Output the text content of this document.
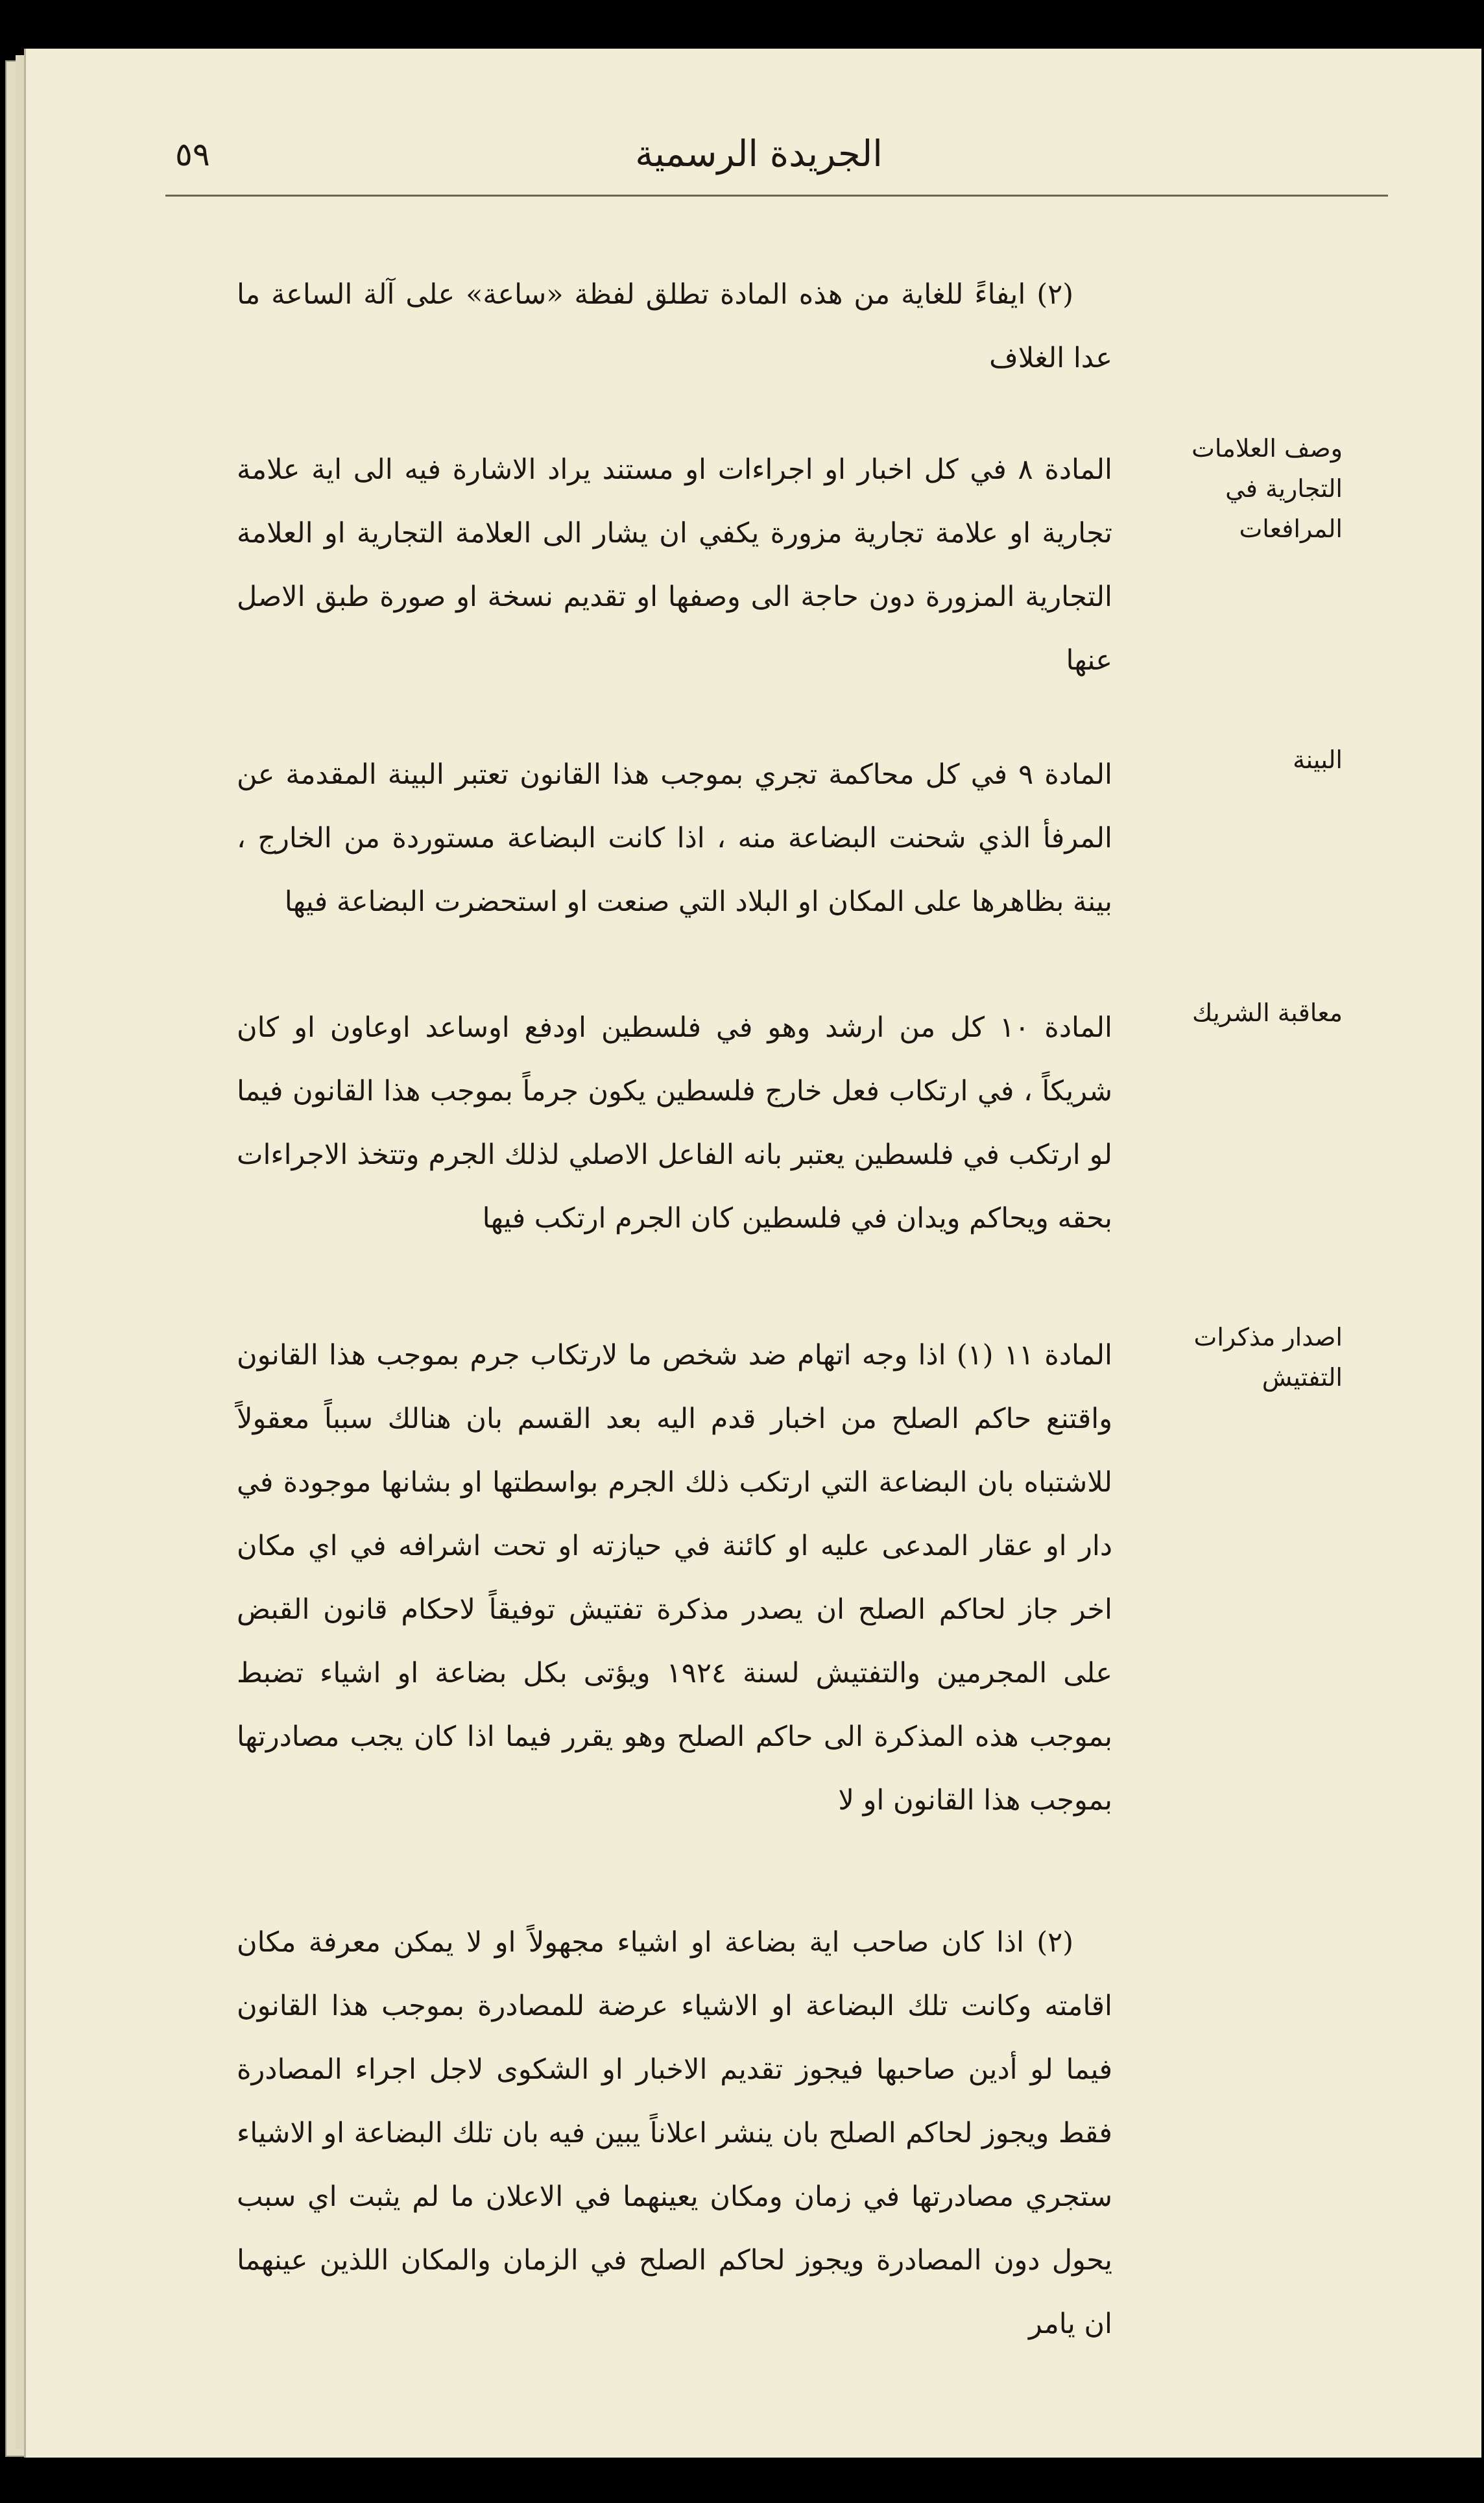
الجريدة الرسمية
٥٩
(٢) ايفاءً للغاية من هذه المادة تطلق لفظة «ساعة» على آلة الساعة ما عدا الغلاف
وصف العلامات التجارية في المرافعات
المادة ٨ في كل اخبار او اجراءات او مستند يراد الاشارة فيه الى اية علامة تجارية او علامة تجارية مزورة يكفي ان يشار الى العلامة التجارية او العلامة التجارية المزورة دون حاجة الى وصفها او تقديم نسخة او صورة طبق الاصل عنها
البينة
المادة ٩ في كل محاكمة تجري بموجب هذا القانون تعتبر البينة المقدمة عن المرفأ الذي شحنت البضاعة منه ، اذا كانت البضاعة مستوردة من الخارج ، بينة بظاهرها على المكان او البلاد التي صنعت او استحضرت البضاعة فيها
معاقبة الشريك
المادة ١٠ كل من ارشد وهو في فلسطين اودفع اوساعد اوعاون او كان شريكاً ، في ارتكاب فعل خارج فلسطين يكون جرماً بموجب هذا القانون فيما لو ارتكب في فلسطين يعتبر بانه الفاعل الاصلي لذلك الجرم وتتخذ الاجراءات بحقه ويحاكم ويدان في فلسطين كان الجرم ارتكب فيها
اصدار مذكرات التفتيش
المادة ١١ (١) اذا وجه اتهام ضد شخص ما لارتكاب جرم بموجب هذا القانون واقتنع حاكم الصلح من اخبار قدم اليه بعد القسم بان هنالك سبباً معقولاً للاشتباه بان البضاعة التي ارتكب ذلك الجرم بواسطتها او بشانها موجودة في دار او عقار المدعى عليه او كائنة في حيازته او تحت اشرافه في اي مكان اخر جاز لحاكم الصلح ان يصدر مذكرة تفتيش توفيقاً لاحكام قانون القبض على المجرمين والتفتيش لسنة ١٩٢٤ ويؤتى بكل بضاعة او اشياء تضبط بموجب هذه المذكرة الى حاكم الصلح وهو يقرر فيما اذا كان يجب مصادرتها بموجب هذا القانون او لا
(٢) اذا كان صاحب اية بضاعة او اشياء مجهولاً او لا يمكن معرفة مكان اقامته وكانت تلك البضاعة او الاشياء عرضة للمصادرة بموجب هذا القانون فيما لو أدين صاحبها فيجوز تقديم الاخبار او الشكوى لاجل اجراء المصادرة فقط ويجوز لحاكم الصلح بان ينشر اعلاناً يبين فيه بان تلك البضاعة او الاشياء ستجري مصادرتها في زمان ومكان يعينهما في الاعلان ما لم يثبت اي سبب يحول دون المصادرة ويجوز لحاكم الصلح في الزمان والمكان اللذين عينهما ان يامر
